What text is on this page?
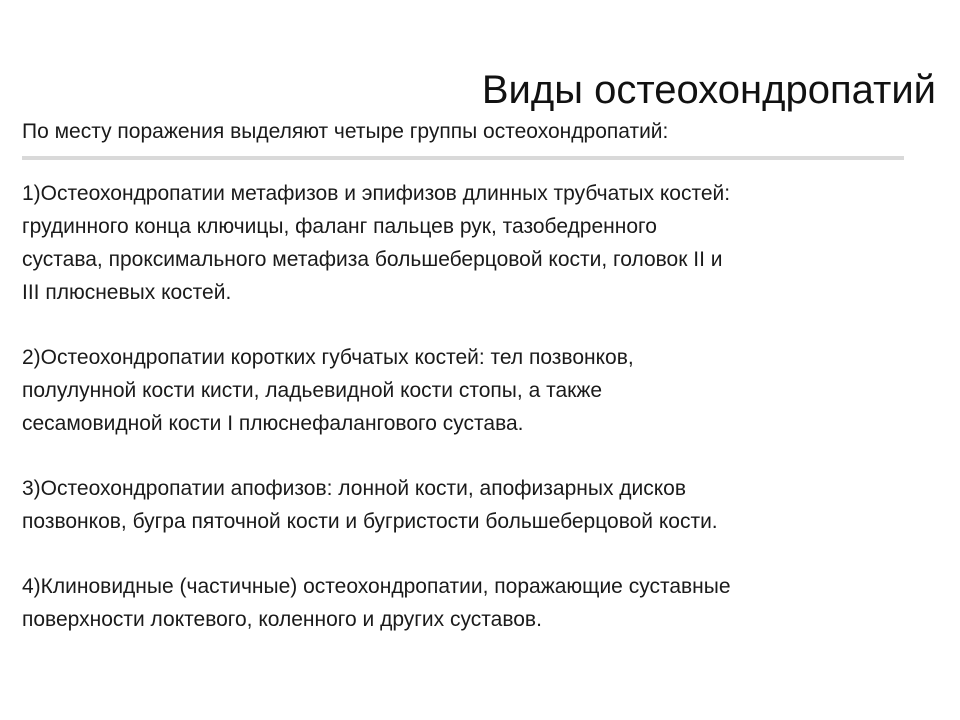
Виды остеохондропатий
По месту поражения выделяют четыре группы остеохондропатий:
1)Остеохондропатии метафизов и эпифизов длинных трубчатых костей:
грудинного конца ключицы, фаланг пальцев рук, тазобедренного
сустава, проксимального метафиза большеберцовой кости, головок II и
III плюсневых костей.
2)Остеохондропатии коротких губчатых костей: тел позвонков,
полулунной кости кисти, ладьевидной кости стопы, а также
сесамовидной кости I плюснефалангового сустава.
3)Остеохондропатии апофизов: лонной кости, апофизарных дисков
позвонков, бугра пяточной кости и бугристости большеберцовой кости.
4)Клиновидные (частичные) остеохондропатии, поражающие суставные
поверхности локтевого, коленного и других суставов.
